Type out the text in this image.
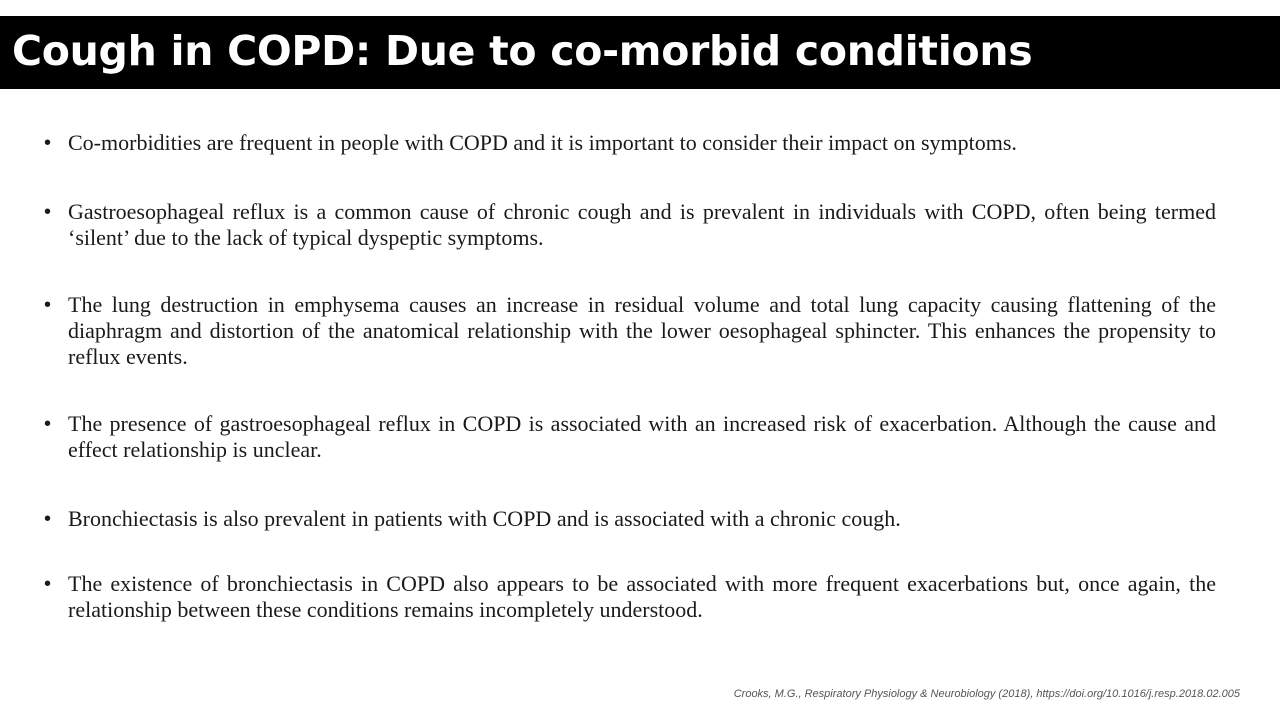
Cough in COPD: Due to co-morbid conditions
• Co-morbidities are frequent in people with COPD and it is important to consider their impact on symptoms.
• Gastroesophageal reflux is a common cause of chronic cough and is prevalent in individuals with COPD, often being termed ‘silent’ due to the lack of typical dyspeptic symptoms.
• The lung destruction in emphysema causes an increase in residual volume and total lung capacity causing flattening of the diaphragm and distortion of the anatomical relationship with the lower oesophageal sphincter. This enhances the propensity to reflux events.
• The presence of gastroesophageal reflux in COPD is associated with an increased risk of exacerbation. Although the cause and effect relationship is unclear.
• Bronchiectasis is also prevalent in patients with COPD and is associated with a chronic cough.
• The existence of bronchiectasis in COPD also appears to be associated with more frequent exacerbations but, once again, the relationship between these conditions remains incompletely understood.
Crooks, M.G., Respiratory Physiology & Neurobiology (2018), https://doi.org/10.1016/j.resp.2018.02.005
